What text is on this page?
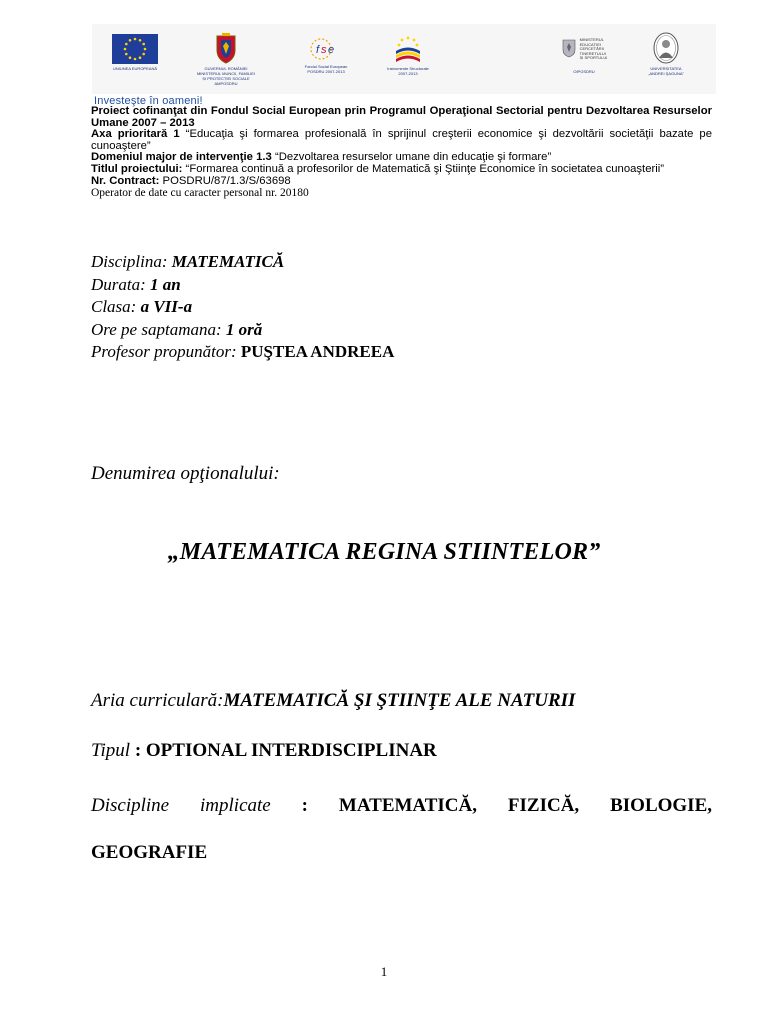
UNIUNEA EUROPEANĂ	GUVERNUL ROMÂNIEI
MINISTERUL MUNCII, FAMILIEI
ȘI PROTECȚIEI SOCIALE
AMPOSDRU
f s e
Fondul Social European
POSDRU 2007-2013
Instrumente Structurale
2007-2013
MINISTERUL
EDUCAȚIEI
CERCETĂRII
TINERETULUI
ȘI SPORTULUI
OIPOSDRU
UNIVERSITATEA
„ANDREI ŞAGUNA”
Investeşte în oameni!

Proiect cofinanţat din Fondul Social European prin Programul Operaţional Sectorial pentru Dezvoltarea Resurselor Umane 2007 – 2013

Axa prioritară 1 “Educaţia şi formarea profesională în sprijinul creşterii economice şi dezvoltării societăţii bazate pe cunoaştere”

Domeniul major de intervenţie 1.3 “Dezvoltarea resurselor umane din educaţie şi formare”

Titlul proiectului: “Formarea continuă a profesorilor de Matematică şi Ştiinţe Economice în societatea cunoaşterii”

Nr. Contract: POSDRU/87/1.3/S/63698

Operator de date cu caracter personal nr. 20180

Disciplina: MATEMATICĂ
Durata: 1 an
Clasa: a VII-a
Ore pe saptamana: 1 oră
Profesor propunător: PUŞTEA ANDREEA
Denumirea opţionalului:
„MATEMATICA REGINA STIINTELOR”
Aria curriculară:MATEMATICĂ ŞI ŞTIINŢE ALE NATURII
Tipul : OPTIONAL INTERDISCIPLINAR
Discipline implicate : MATEMATICĂ, FIZICĂ, BIOLOGIE,
GEOGRAFIE
1
